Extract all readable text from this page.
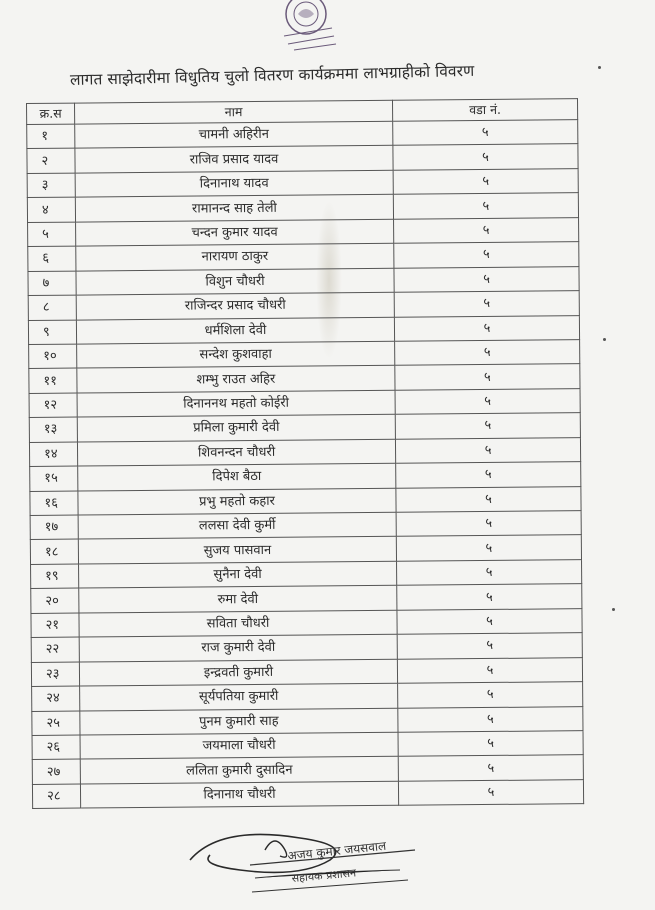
लागत साझेदारीमा विधुतिय चुलो वितरण कार्यक्रममा लाभग्राहीको विवरण
क्र.स	नाम	वडा नं.
१	चामनी अहिरीन	५
२	राजिव प्रसाद यादव	५
३	दिनानाथ यादव	५
४	रामानन्द साह तेली	५
५	चन्दन कुमार यादव	५
६	नारायण ठाकुर	५
७	विशुन चौधरी	५
८	राजिन्दर प्रसाद चौधरी	५
९	धर्मशिला देवी	५
१०	सन्देश कुशवाहा	५
११	शम्भु राउत अहिर	५
१२	दिनाननथ महतो कोईरी	५
१३	प्रमिला कुमारी देवी	५
१४	शिवनन्दन चौधरी	५
१५	दिपेश बैठा	५
१६	प्रभु महतो कहार	५
१७	ललसा देवी कुर्मी	५
१८	सुजय पासवान	५
१९	सुनैना देवी	५
२०	रुमा देवी	५
२१	सविता चौधरी	५
२२	राज कुमारी देवी	५
२३	इन्द्रवती कुमारी	५
२४	सूर्यपतिया कुमारी	५
२५	पुनम कुमारी साह	५
२६	जयमाला चौधरी	५
२७	ललिता कुमारी दुसादिन	५
२८	दिनानाथ चौधरी	५
अजय कुमार जयसवाल
सहायक प्रशासन
